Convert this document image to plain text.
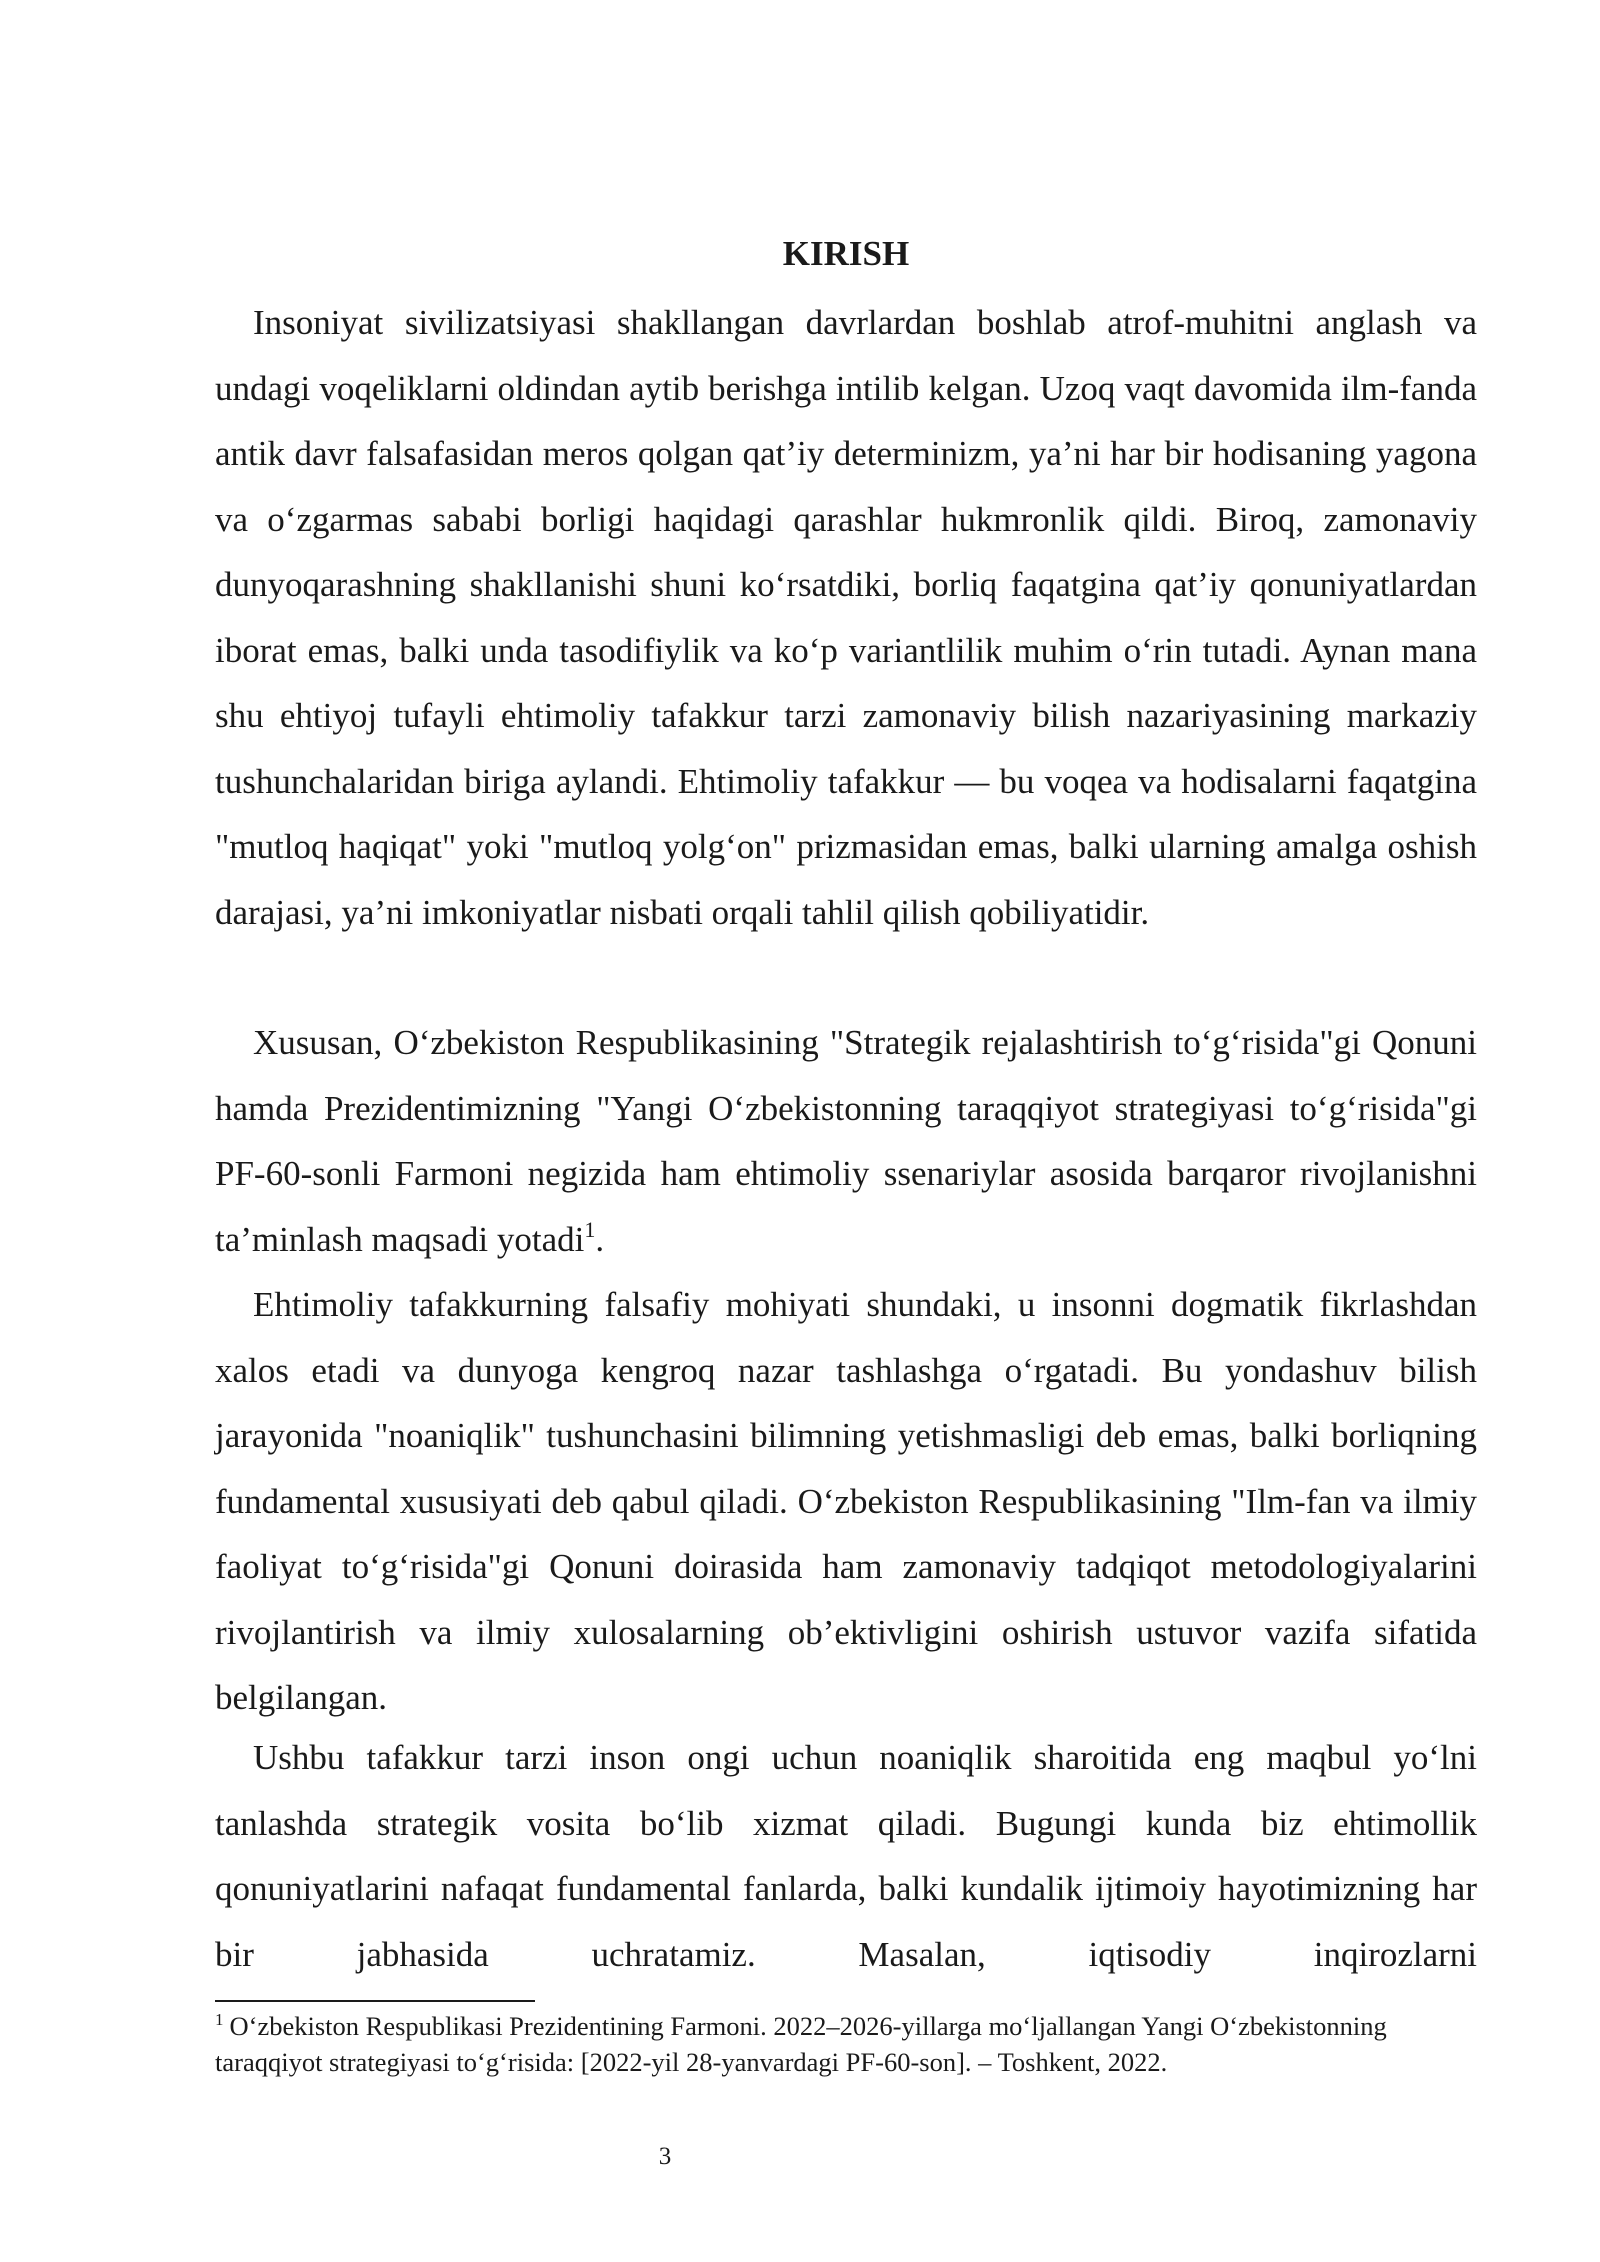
KIRISH

Insoniyat sivilizatsiyasi shakllangan davrlardan boshlab atrof-muhitni anglash va undagi voqeliklarni oldindan aytib berishga intilib kelgan. Uzoq vaqt davomida ilm-fanda antik davr falsafasidan meros qolgan qat’iy determinizm, ya’ni har bir hodisaning yagona va o‘zgarmas sababi borligi haqidagi qarashlar hukmronlik qildi. Biroq, zamonaviy dunyoqarashning shakllanishi shuni ko‘rsatdiki, borliq faqatgina qat’iy qonuniyatlardan iborat emas, balki unda tasodifiylik va ko‘p variantlilik muhim o‘rin tutadi. Aynan mana shu ehtiyoj tufayli ehtimoliy tafakkur tarzi zamonaviy bilish nazariyasining markaziy tushunchalaridan biriga aylandi. Ehtimoliy tafakkur — bu voqea va hodisalarni faqatgina "mutloq haqiqat" yoki "mutloq yolg‘on" prizmasidan emas, balki ularning amalga oshish darajasi, ya’ni imkoniyatlar nisbati orqali tahlil qilish qobiliyatidir.

Xususan, O‘zbekiston Respublikasining "Strategik rejalashtirish to‘g‘risida"gi Qonuni hamda Prezidentimizning "Yangi O‘zbekistonning taraqqiyot strategiyasi to‘g‘risida"gi PF-60-sonli Farmoni negizida ham ehtimoliy ssenariylar asosida barqaror rivojlanishni ta’minlash maqsadi yotadi$^1$.

Ehtimoliy tafakkurning falsafiy mohiyati shundaki, u insonni dogmatik fikrlashdan xalos etadi va dunyoga kengroq nazar tashlashga o‘rgatadi. Bu yondashuv bilish jarayonida "noaniqlik" tushunchasini bilimning yetishmasligi deb emas, balki borliqning fundamental xususiyati deb qabul qiladi. O‘zbekiston Respublikasining "Ilm-fan va ilmiy faoliyat to‘g‘risida"gi Qonuni doirasida ham zamonaviy tadqiqot metodologiyalarini rivojlantirish va ilmiy xulosalarning ob’ektivligini oshirish ustuvor vazifa sifatida belgilangan.

Ushbu tafakkur tarzi inson ongi uchun noaniqlik sharoitida eng maqbul yo‘lni tanlashda strategik vosita bo‘lib xizmat qiladi. Bugungi kunda biz ehtimollik qonuniyatlarini nafaqat fundamental fanlarda, balki kundalik ijtimoiy hayotimizning har bir jabhasida uchratamiz. Masalan, iqtisodiy inqirozlarni

$^1$ O‘zbekiston Respublikasi Prezidentining Farmoni. 2022–2026-yillarga mo‘ljallangan Yangi O‘zbekistonning taraqqiyot strategiyasi to‘g‘risida: [2022-yil 28-yanvardagi PF-60-son]. – Toshkent, 2022.

3
